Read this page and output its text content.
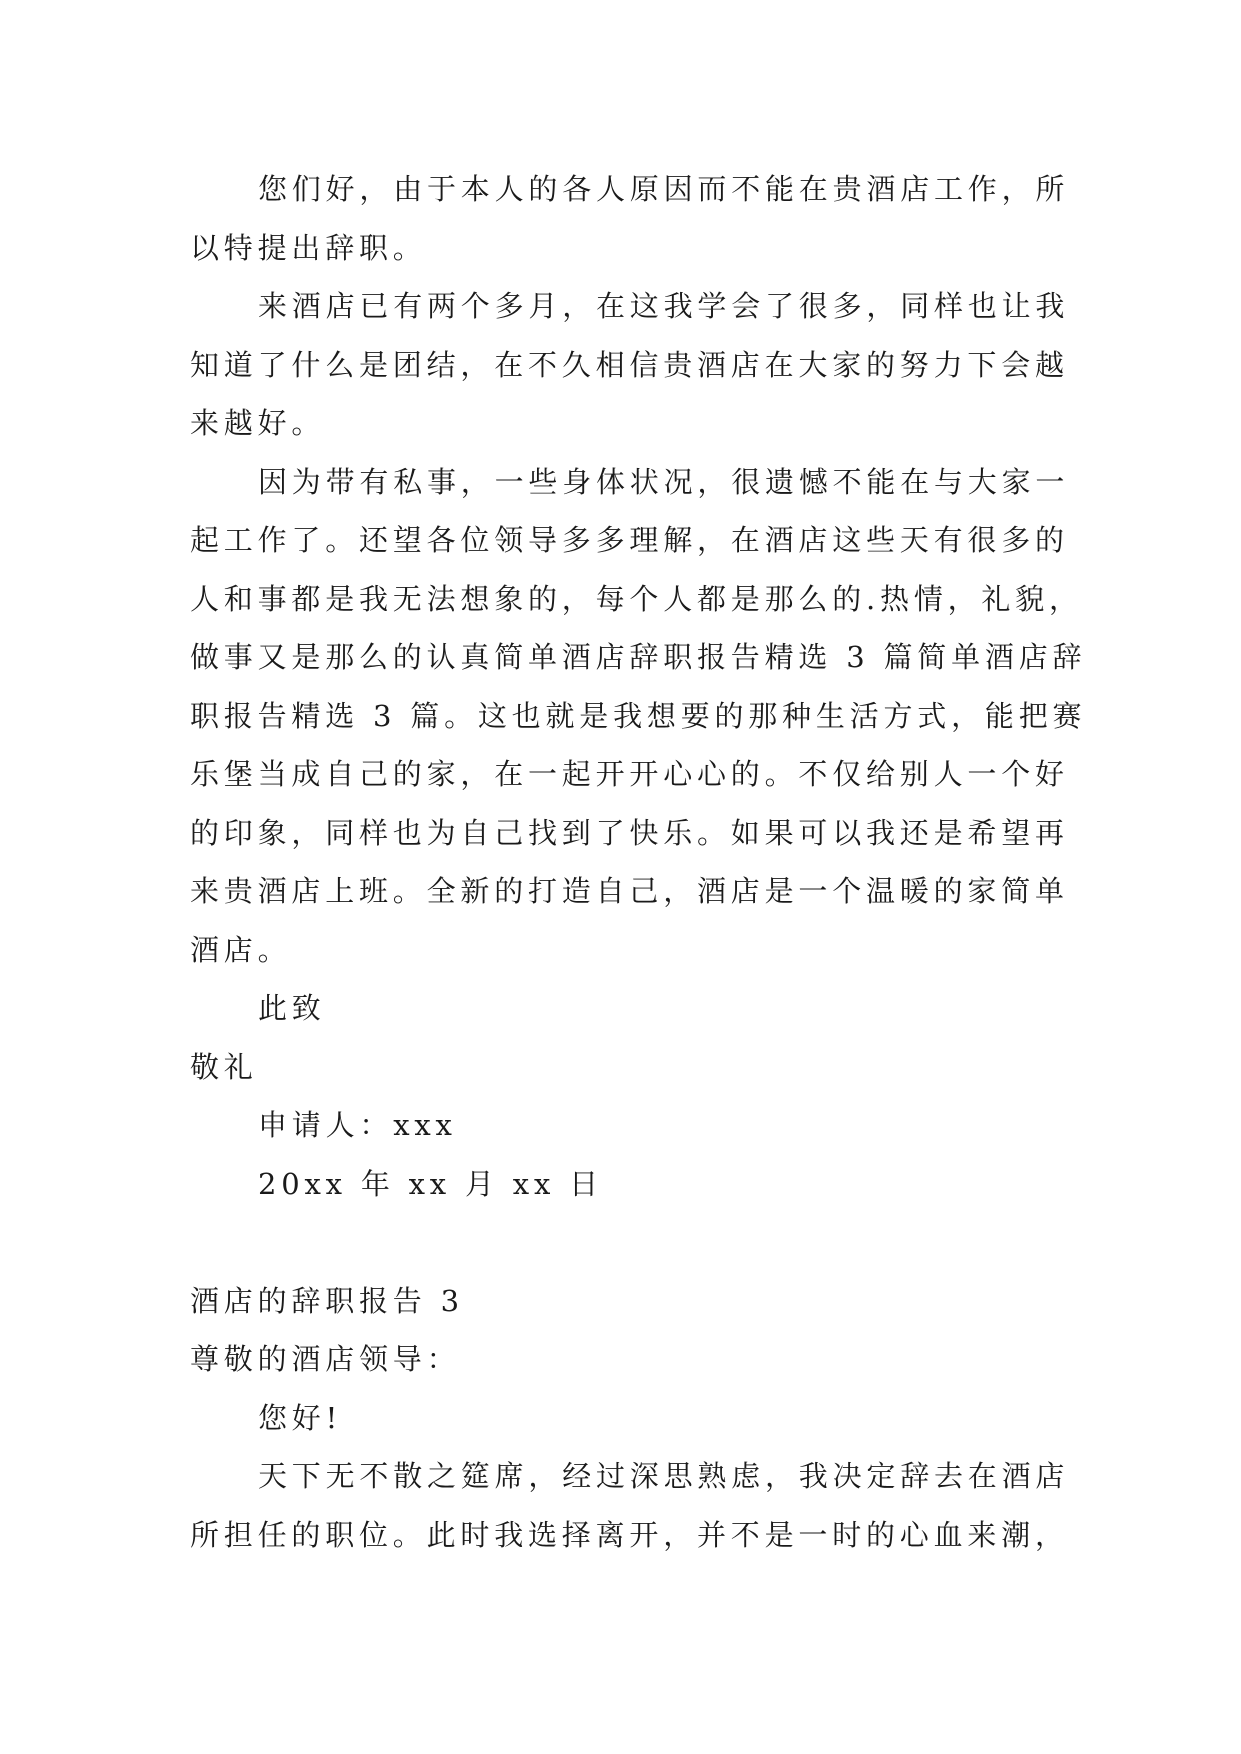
您们好，由于本人的各人原因而不能在贵酒店工作，所
以特提出辞职。
来酒店已有两个多月，在这我学会了很多，同样也让我
知道了什么是团结，在不久相信贵酒店在大家的努力下会越
来越好。
因为带有私事，一些身体状况，很遗憾不能在与大家一
起工作了。还望各位领导多多理解，在酒店这些天有很多的
人和事都是我无法想象的，每个人都是那么的.热情，礼貌，
做事又是那么的认真简单酒店辞职报告精选 3 篇简单酒店辞
职报告精选 3 篇。这也就是我想要的那种生活方式，能把赛
乐堡当成自己的家，在一起开开心心的。不仅给别人一个好
的印象，同样也为自己找到了快乐。如果可以我还是希望再
来贵酒店上班。全新的打造自己，酒店是一个温暖的家简单
酒店。
此致
敬礼
申请人：xxx
20xx 年 xx 月 xx 日
酒店的辞职报告 3
尊敬的酒店领导：
您好!
天下无不散之筵席，经过深思熟虑，我决定辞去在酒店
所担任的职位。此时我选择离开，并不是一时的心血来潮，
